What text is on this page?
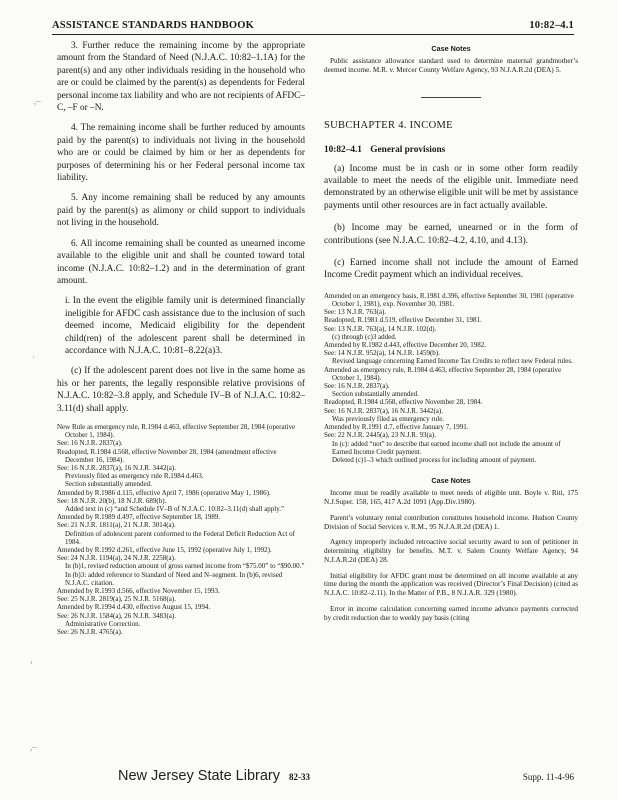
ASSISTANCE STANDARDS HANDBOOK	10:82–4.1

3. Further reduce the remaining income by the appropriate amount from the Standard of Need (N.J.A.C. 10:82–1.1A) for the parent(s) and any other individuals residing in the household who are or could be claimed by the parent(s) as dependents for Federal personal income tax liability and who are not recipients of AFDC–C, –F or –N.

4. The remaining income shall be further reduced by amounts paid by the parent(s) to individuals not living in the household who are or could be claimed by him or her as dependents for purposes of determining his or her Federal personal income tax liability.

5. Any income remaining shall be reduced by any amounts paid by the parent(s) as alimony or child support to individuals not living in the household.

6. All income remaining shall be counted as unearned income available to the eligible unit and shall be counted toward total income (N.J.A.C. 10:82–1.2) and in the determination of grant amount.

i. In the event the eligible family unit is determined financially ineligible for AFDC cash assistance due to the inclusion of such deemed income, Medicaid eligibility for the dependent child(ren) of the adolescent parent shall be determined in accordance with N.J.A.C. 10:81–8.22(a)3.

(c) If the adolescent parent does not live in the same home as his or her parents, the legally responsible relative provisions of N.J.A.C. 10:82–3.8 apply, and Schedule IV–B of N.J.A.C. 10:82–3.11(d) shall apply.

New Rule as emergency rule, R.1984 d.463, effective September 28, 1984 (operative October 1, 1984).
See: 16 N.J.R. 2837(a).
Readopted, R.1984 d.568, effective November 28, 1984 (amendment effective December 16, 1984).
See: 16 N.J.R. 2837(a), 16 N.J.R. 3442(a).
Previously filed as emergency rule R.1984 d.463.
Section substantially amended.
Amended by R.1986 d.115, effective April 7, 1986 (operative May 1, 1986).
See: 18 N.J.R. 20(b), 18 N.J.R. 689(b).
Added text in (c) “and Schedule IV–B of N.J.A.C. 10:82–3.11(d) shall apply.”
Amended by R.1989 d.497, effective September 18, 1989.
See: 21 N.J.R. 1811(a), 21 N.J.R. 3014(a).
Definition of adolescent parent conformed to the Federal Deficit Reduction Act of 1984.
Amended by R.1992 d.261, effective June 15, 1992 (operative July 1, 1992).
See: 24 N.J.R. 1194(a), 24 N.J.R. 2258(a).
In (b)1, revised reduction amount of gross earned income from “$75.00” to “$90.00.” In (b)3: added reference to Standard of Need and N–segment. In (b)6, revised N.J.A.C. citation.
Amended by R.1993 d.566, effective November 15, 1993.
See: 25 N.J.R. 2819(a), 25 N.J.R. 5168(a).
Amended by R.1994 d.430, effective August 15, 1994.
See: 26 N.J.R. 1584(a), 26 N.J.R. 3483(a).
Administrative Correction.
See: 26 N.J.R. 4765(a).
Case Notes

Public assistance allowance standard used to determine maternal grandmother’s deemed income. M.R. v. Mercer County Welfare Agency, 93 N.J.A.R.2d (DEA) 5.

SUBCHAPTER 4. INCOME
10:82–4.1 General provisions

(a) Income must be in cash or in some other form readily available to meet the needs of the eligible unit. Immediate need demonstrated by an otherwise eligible unit will be met by assistance payments until other resources are in fact actually available.

(b) Income may be earned, unearned or in the form of contributions (see N.J.A.C. 10:82–4.2, 4.10, and 4.13).

(c) Earned income shall not include the amount of Earned Income Credit payment which an individual receives.

Amended on an emergency basis, R.1981 d.396, effective September 30, 1981 (operative October 1, 1981), exp. November 30, 1981.
See: 13 N.J.R. 763(a).
Readopted, R.1981 d.519, effective December 31, 1981.
See: 13 N.J.R. 763(a), 14 N.J.R. 102(d).
(c) through (c)3 added.
Amended by R.1982 d.443, effective December 20, 1982.
See: 14 N.J.R. 952(a), 14 N.J.R. 1459(b).
Revised language concerning Earned Income Tax Credits to reflect new Federal rules.
Amended as emergency rule, R.1984 d.463, effective September 28, 1984 (operative October 1, 1984).
See: 16 N.J.R. 2837(a).
Section substantially amended.
Readopted, R.1984 d.568, effective November 28, 1984.
See: 16 N.J.R. 2837(a), 16 N.J.R. 3442(a).
Was previously filed as emergency rule.
Amended by R.1991 d.7, effective January 7, 1991.
See: 22 N.J.R. 2445(a), 23 N.J.R. 93(a).
In (c): added “not” to describe that earned income shall not include the amount of Earned Income Credit payment.
Deleted (c)1–3 which outlined process for including amount of payment.
Case Notes

Income must be readily available to meet needs of eligible unit. Boyle v. Riti, 175 N.J.Super. 158, 165, 417 A.2d 1091 (App.Div.1980).

Parent’s voluntary rental contribution constitutes household income. Hudson County Division of Social Services v. R.M., 95 N.J.A.R.2d (DEA) 1.

Agency improperly included retroactive social security award to son of petitioner in determining eligibility for benefits. M.T. v. Salem County Welfare Agency, 94 N.J.A.R.2d (DEA) 28.

Initial eligibility for AFDC grant must be determined on all income available at any time during the month the application was received (Director’s Final Decision) (cited as N.J.A.C. 10:82–2.11). In the Matter of P.B., 8 N.J.A.R. 329 (1980).

Error in income calculation concerning earned income advance payments corrected by credit reduction due to weekly pay basis (citing

,–
·
’
,–
New Jersey State Library 82-33	Supp. 11-4-96
